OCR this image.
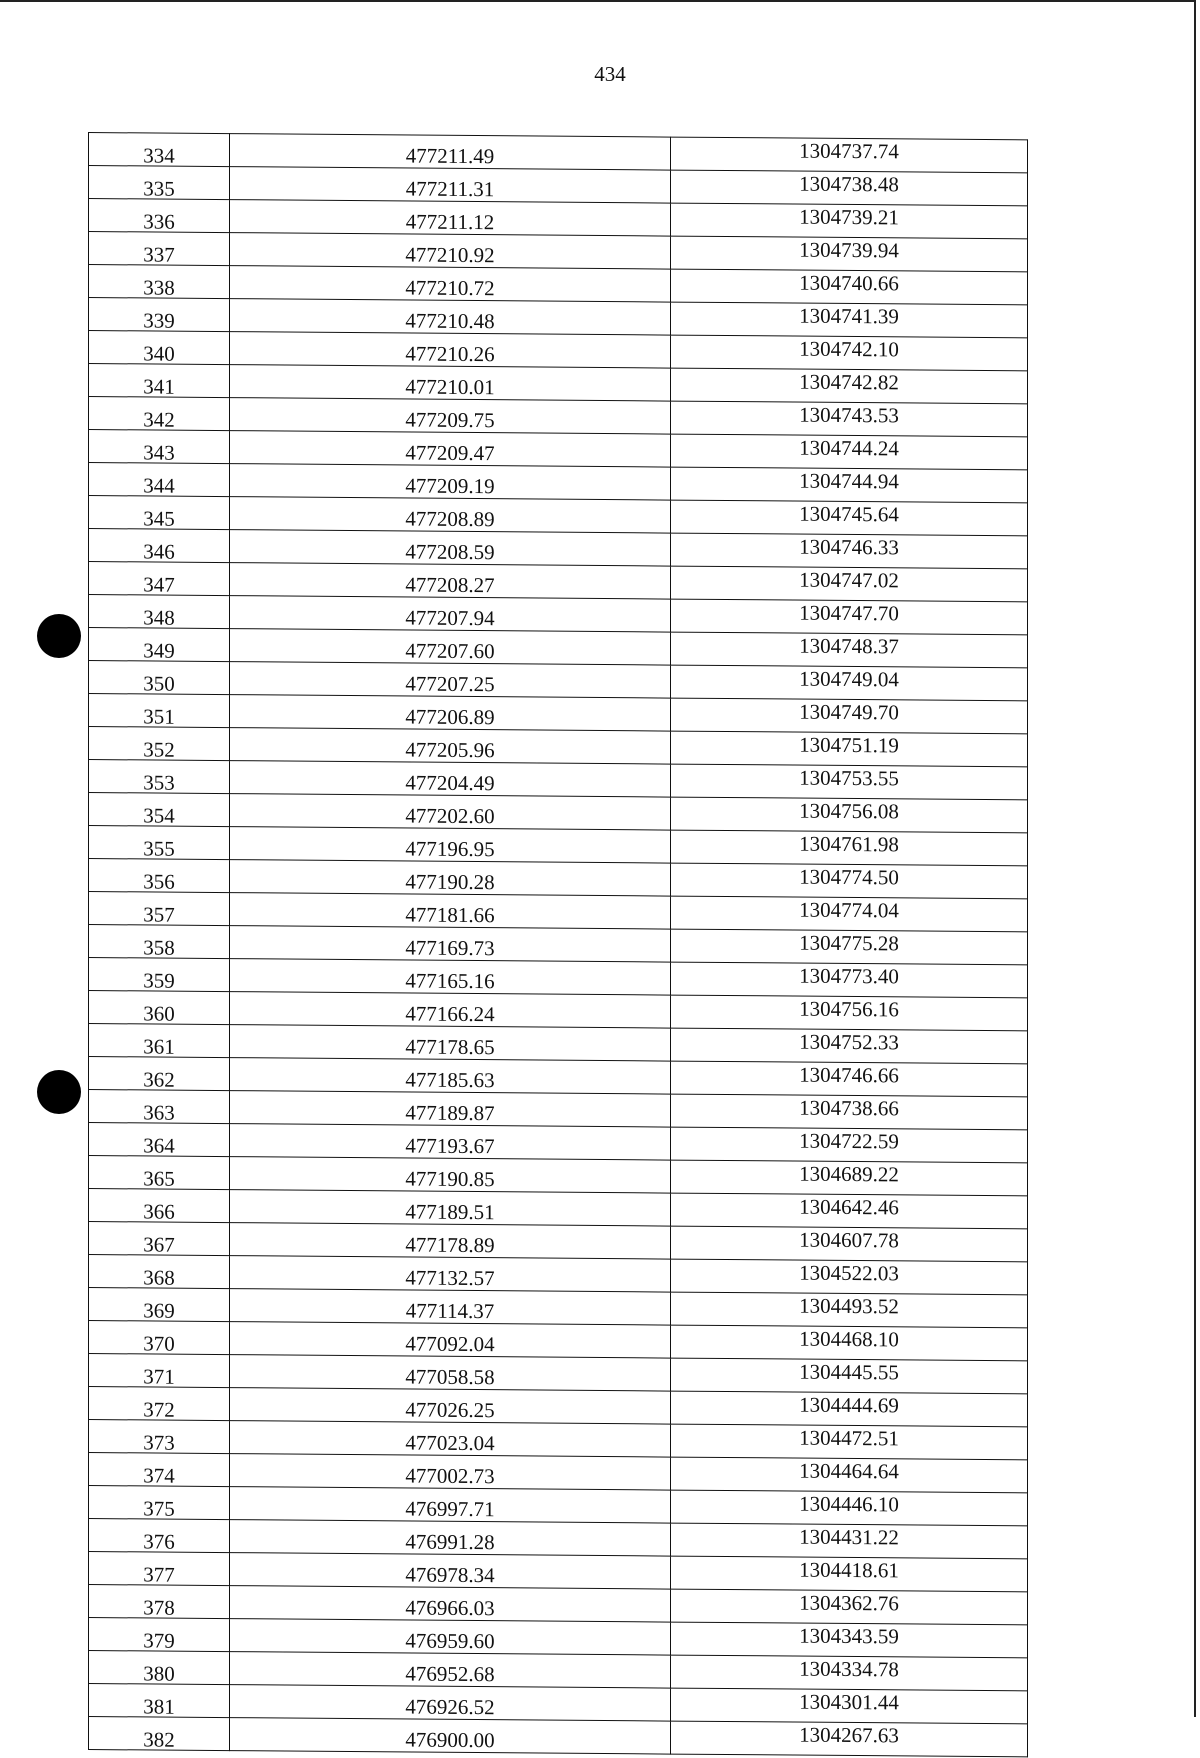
434
334	477211.49	1304737.74
335	477211.31	1304738.48
336	477211.12	1304739.21
337	477210.92	1304739.94
338	477210.72	1304740.66
339	477210.48	1304741.39
340	477210.26	1304742.10
341	477210.01	1304742.82
342	477209.75	1304743.53
343	477209.47	1304744.24
344	477209.19	1304744.94
345	477208.89	1304745.64
346	477208.59	1304746.33
347	477208.27	1304747.02
348	477207.94	1304747.70
349	477207.60	1304748.37
350	477207.25	1304749.04
351	477206.89	1304749.70
352	477205.96	1304751.19
353	477204.49	1304753.55
354	477202.60	1304756.08
355	477196.95	1304761.98
356	477190.28	1304774.50
357	477181.66	1304774.04
358	477169.73	1304775.28
359	477165.16	1304773.40
360	477166.24	1304756.16
361	477178.65	1304752.33
362	477185.63	1304746.66
363	477189.87	1304738.66
364	477193.67	1304722.59
365	477190.85	1304689.22
366	477189.51	1304642.46
367	477178.89	1304607.78
368	477132.57	1304522.03
369	477114.37	1304493.52
370	477092.04	1304468.10
371	477058.58	1304445.55
372	477026.25	1304444.69
373	477023.04	1304472.51
374	477002.73	1304464.64
375	476997.71	1304446.10
376	476991.28	1304431.22
377	476978.34	1304418.61
378	476966.03	1304362.76
379	476959.60	1304343.59
380	476952.68	1304334.78
381	476926.52	1304301.44
382	476900.00	1304267.63
